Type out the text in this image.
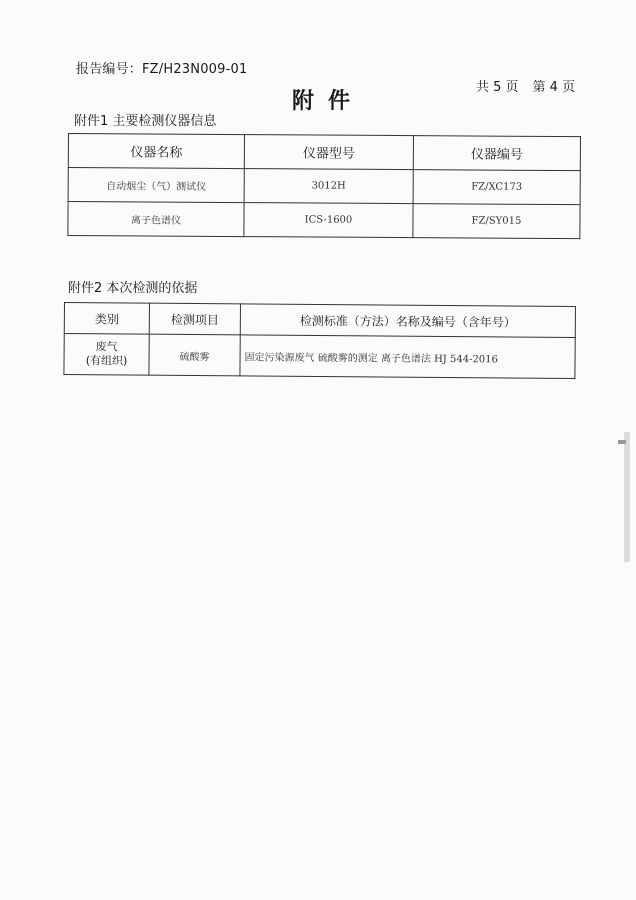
报告编号：FZ/H23N009-01
附件
共 5 页 第 4 页
附件1 主要检测仪器信息
仪器名称	仪器型号	仪器编号
自动烟尘（气）测试仪	3012H	FZ/XC173
离子色谱仪	ICS-1600	FZ/SY015
附件2 本次检测的依据
类别	检测项目	检测标准（方法）名称及编号（含年号）

废气
(有组织)	硫酸雾	固定污染源废气 硫酸雾的测定 离子色谱法 HJ 544-2016
